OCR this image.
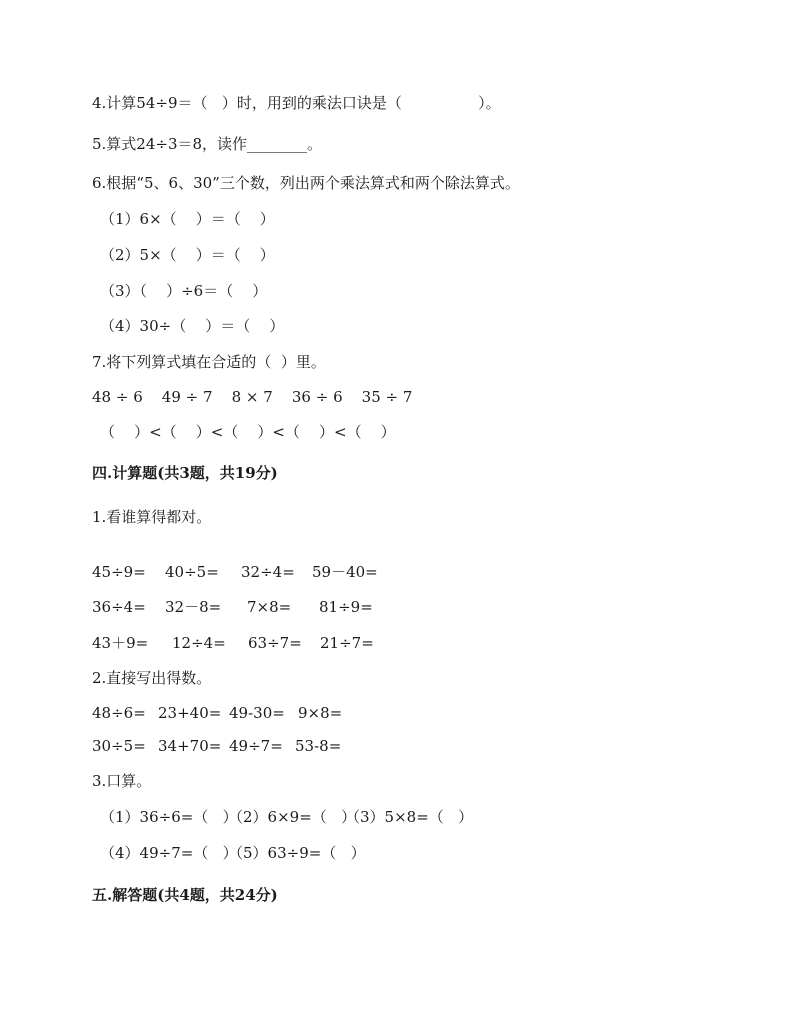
4.计算54÷9＝（   ）时，用到的乘法口诀是（                ）。
5.算式24÷3＝8，读作________。
6.根据“5、6、30”三个数，列出两个乘法算式和两个除法算式。
（1）6×（    ）＝（    ）
（2）5×（    ）＝（    ）
（3）（    ）÷6＝（    ）
（4）30÷（    ）＝（    ）
7.将下列算式填在合适的（  ）里。
48 ÷ 6    49 ÷ 7    8 × 7    36 ÷ 6    35 ÷ 7
（    ）<（    ）<（    ）<（    ）<（    ）
四.计算题(共3题，共19分)
1.看谁算得都对。
45÷9= 40÷5= 32÷4= 59－40=
36÷4= 32－8= 7×8= 81÷9=
43＋9= 12÷4= 63÷7= 21÷7=
2.直接写出得数。
48÷6= 23+40= 49-30= 9×8=
30÷5= 34+70= 49÷7= 53-8=
3.口算。
（1）36÷6=（   ）
（2）6×9=（   ）
（3）5×8=（   ）
（4）49÷7=（   ）
（5）63÷9=（   ）
五.解答题(共4题，共24分)
